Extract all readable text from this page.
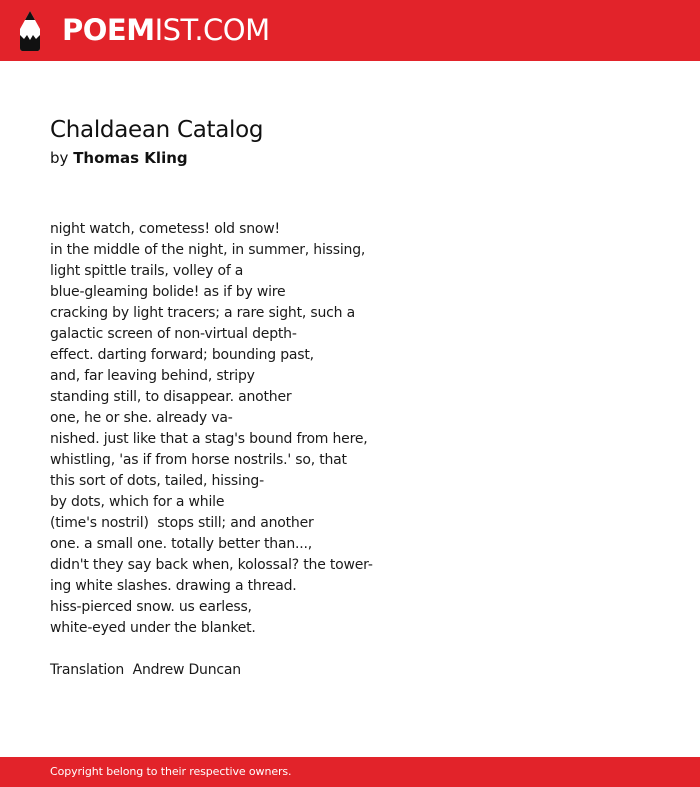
POEMIST.COM
Chaldaean Catalog
by Thomas Kling
night watch, cometess! old snow!
in the middle of the night, in summer, hissing,
light spittle trails, volley of a
blue-gleaming bolide! as if by wire
cracking by light tracers; a rare sight, such a
galactic screen of non-virtual depth-
effect. darting forward; bounding past,
and, far leaving behind, stripy
standing still, to disappear. another
one, he or she. already va-
nished. just like that a stag's bound from here,
whistling, 'as if from horse nostrils.' so, that
this sort of dots, tailed, hissing-
by dots, which for a while
(time's nostril)  stops still; and another
one. a small one. totally better than...,
didn't they say back when, kolossal? the tower-
ing white slashes. drawing a thread.
hiss-pierced snow. us earless,
white-eyed under the blanket.
Translation  Andrew Duncan
Copyright belong to their respective owners.
